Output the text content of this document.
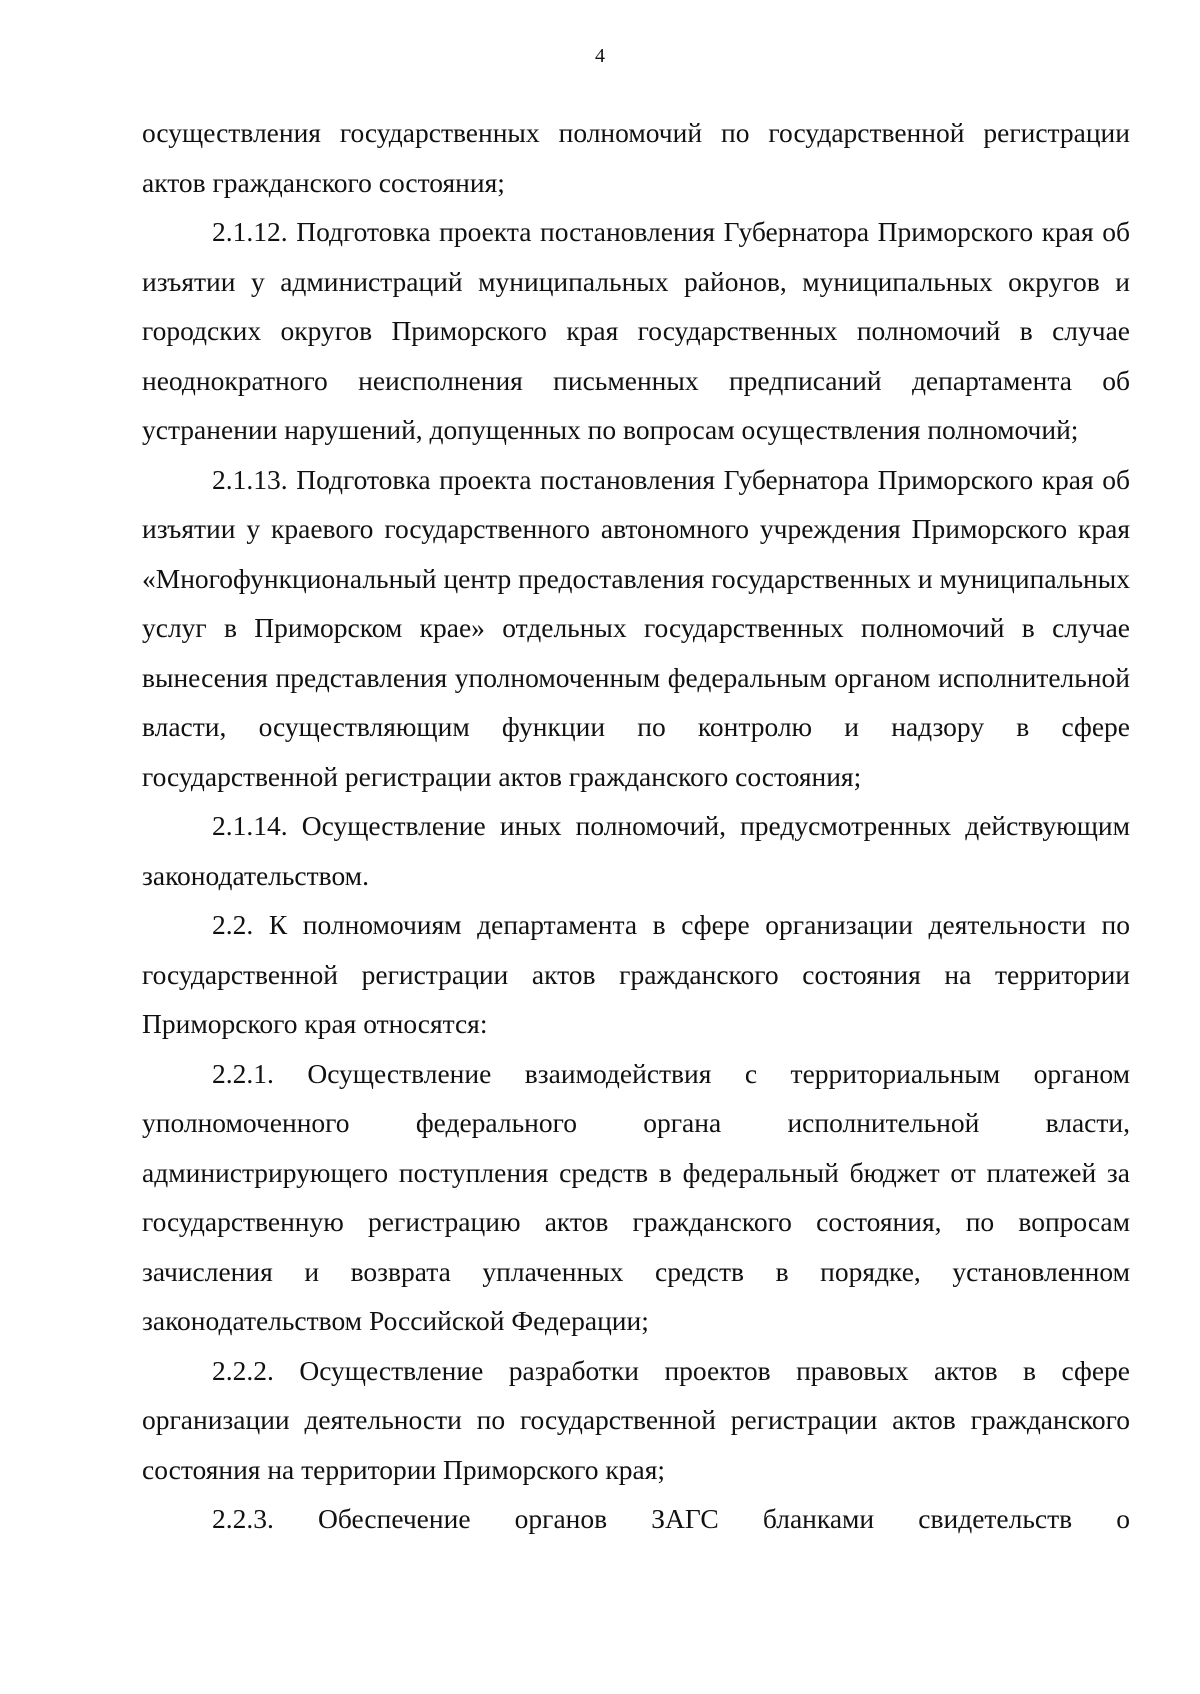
4

осуществления государственных полномочий по государственной регистрации актов гражданского состояния;

2.1.12. Подготовка проекта постановления Губернатора Приморского края об изъятии у администраций муниципальных районов, муниципальных округов и городских округов Приморского края государственных полномочий в случае неоднократного неисполнения письменных предписаний департамента об устранении нарушений, допущенных по вопросам осуществления полномочий;

2.1.13. Подготовка проекта постановления Губернатора Приморского края об изъятии у краевого государственного автономного учреждения Приморского края «Многофункциональный центр предоставления государственных и муниципальных услуг в Приморском крае» отдельных государственных полномочий в случае вынесения представления уполномоченным федеральным органом исполнительной власти, осуществляющим функции по контролю и надзору в сфере государственной регистрации актов гражданского состояния;

2.1.14. Осуществление иных полномочий, предусмотренных действующим законодательством.

2.2. К полномочиям департамента в сфере организации деятельности по государственной регистрации актов гражданского состояния на территории Приморского края относятся:

2.2.1. Осуществление взаимодействия с территориальным органом уполномоченного федерального органа исполнительной власти, администрирующего поступления средств в федеральный бюджет от платежей за государственную регистрацию актов гражданского состояния, по вопросам зачисления и возврата уплаченных средств в порядке, установленном законодательством Российской Федерации;

2.2.2. Осуществление разработки проектов правовых актов в сфере организации деятельности по государственной регистрации актов гражданского состояния на территории Приморского края;

2.2.3. Обеспечение органов ЗАГС бланками свидетельств о
